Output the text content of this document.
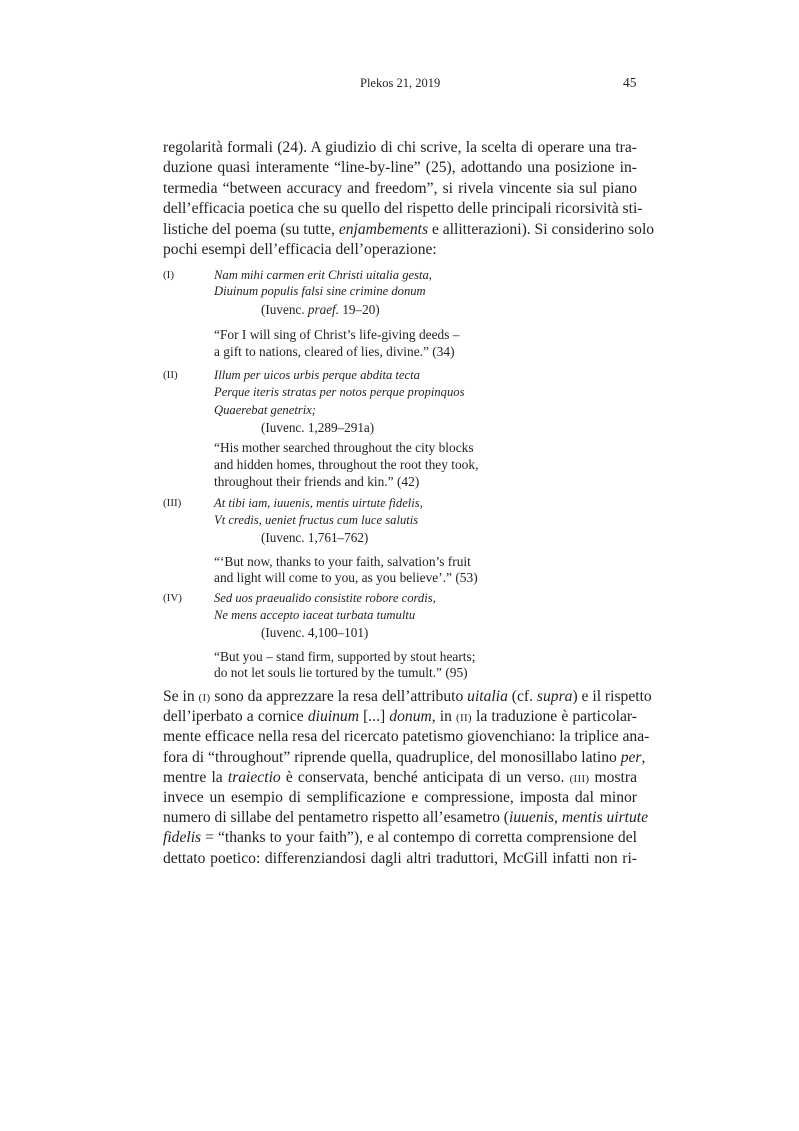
Plekos 21, 2019	45
regolarità formali (24). A giudizio di chi scrive, la scelta di operare una tra-
duzione quasi interamente “line-by-line” (25), adottando una posizione in-
termedia “between accuracy and freedom”, si rivela vincente sia sul piano
dell’efficacia poetica che su quello del rispetto delle principali ricorsività sti-
listiche del poema (su tutte, enjambements e allitterazioni). Si considerino solo
pochi esempi dell’efficacia dell’operazione:
(I)	Nam mihi carmen erit Christi uitalia gesta,
Diuinum populis falsi sine crimine donum
(Iuvenc. praef. 19–20)
“For I will sing of Christ’s life-giving deeds –
a gift to nations, cleared of lies, divine.” (34)
(II)	Illum per uicos urbis perque abdita tecta
Perque iteris stratas per notos perque propinquos
Quaerebat genetrix;
(Iuvenc. 1,289–291a)
“His mother searched throughout the city blocks
and hidden homes, throughout the root they took,
throughout their friends and kin.” (42)
(III)	At tibi iam, iuuenis, mentis uirtute fidelis,
Vt credis, ueniet fructus cum luce salutis
(Iuvenc. 1,761–762)
“‘But now, thanks to your faith, salvation’s fruit
and light will come to you, as you believe’.” (53)
(IV)	Sed uos praeualido consistite robore cordis,
Ne mens accepto iaceat turbata tumultu
(Iuvenc. 4,100–101)
“But you – stand firm, supported by stout hearts;
do not let souls lie tortured by the tumult.” (95)
Se in (I) sono da apprezzare la resa dell’attributo uitalia (cf. supra) e il rispetto
dell’iperbato a cornice diuinum [...] donum, in (II) la traduzione è particolar-
mente efficace nella resa del ricercato patetismo giovenchiano: la triplice ana-
fora di “throughout” riprende quella, quadruplice, del monosillabo latino per,
mentre la traiectio è conservata, benché anticipata di un verso. (III) mostra
invece un esempio di semplificazione e compressione, imposta dal minor
numero di sillabe del pentametro rispetto all’esametro (iuuenis, mentis uirtute
fidelis = “thanks to your faith”), e al contempo di corretta comprensione del
dettato poetico: differenziandosi dagli altri traduttori, McGill infatti non ri-
